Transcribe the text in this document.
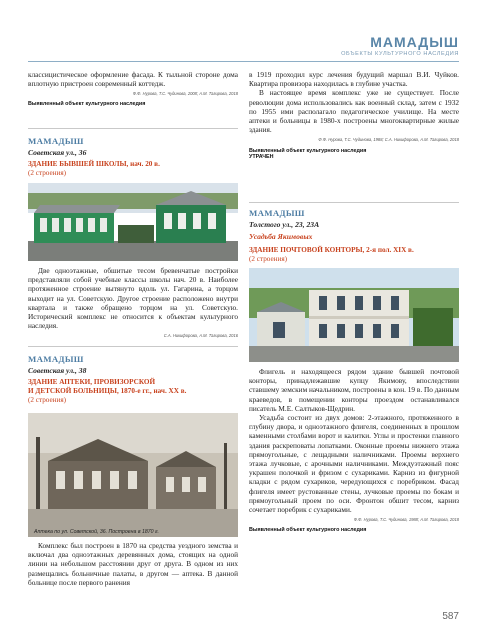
МАМАДЫШ
ОБЪЕКТЫ КУЛЬТУРНОГО НАСЛЕДИЯ

классицистическое оформление фасада. К тыльной стороне дома вплотную пристроен современный коттедж.

Ф.Ф. Нурова, Т.С. Чудинова, 2008; А.М. Тагирова, 2018

Выявленный объект культурного наследия

МАМАДЫШ
Советская ул., 36
ЗДАНИЕ БЫВШЕЙ ШКОЛЫ, нач. 20 в.
(2 строения)

Две одноэтажные, обшитые тесом бревенчатые постройки представляли собой учебные классы школы нач. 20 в. Наиболее протяженное строение вытянуто вдоль ул. Гагарина, а торцом выходит на ул. Советскую. Другое строение расположено внутри квартала и также обращено торцом на ул. Советскую. Исторический комплекс не относится к объектам культурного наследия.

С.А. Никифорова, А.М. Тагирова, 2016

МАМАДЫШ
Советская ул., 38
ЗДАНИЕ АПТЕКИ, ПРОВИЗОРСКОЙ
И ДЕТСКОЙ БОЛЬНИЦЫ, 1870-е гг., нач. XX в.
(2 строения)
Аптека по ул. Советской, 36. Построена в 1870 г.

Комплекс был построен в 1870 на средства уездного земства и включал два одноэтажных деревянных дома, стоящих на одной линии на небольшом расстоянии друг от друга. В одном из них размещались больничные палаты, в другом — аптека. В данной больнице после первого ранения

в 1919 проходил курс лечения будущий маршал В.И. Чуйков. Квартира провизора находилась в глубине участка.

В настоящее время комплекс уже не существует. После революции дома использовались как военный склад, затем с 1932 по 1955 ими располагало педагогическое училище. На месте аптеки и больницы в 1980-х построены многоквартирные жилые здания.

Ф.Ф. Нурова, Т.С. Чудинова, 1988; С.А. Никифорова, А.М. Тагирова, 2018

Выявленный объект культурного наследия

УТРАЧЕН

МАМАДЫШ
Толстого ул., 23, 23А
Усадьба Якимовых
ЗДАНИЕ ПОЧТОВОЙ КОНТОРЫ, 2-я пол. XIX в.
(2 строения)

Флигель и находящееся рядом здание бывшей почтовой конторы, принадлежавшие купцу Якимову, впоследствии ставшему земским начальником, построены в кон. 19 в. По данным краеведов, в помещении конторы проездом останавливался писатель М.Е. Салтыков-Щедрин.

Усадьба состоит из двух домов: 2-этажного, протяженного в глубину двора, и одноэтажного флигеля, соединенных в прошлом каменными столбами ворот и калитки. Углы и простенки главного здания раскреповаты лопатками. Оконные проемы нижнего этажа прямоугольные, с лещадными наличниками. Проемы верхнего этажа лучковые, с арочными наличниками. Междуэтажный пояс украшен полочкой и фризом с сухариками. Карниз из фигурной кладки с рядом сухариков, чередующихся с поребриком. Фасад флигеля имеет рустованные стены, лучковые проемы по бокам и прямоугольный проем по оси. Фронтон обшит тесом, карниз сочетает поребрик с сухариками.

Ф.Ф. Нурова, Т.С. Чудинова, 1988; А.М. Тагирова, 2018

Выявленный объект культурного наследия

587
